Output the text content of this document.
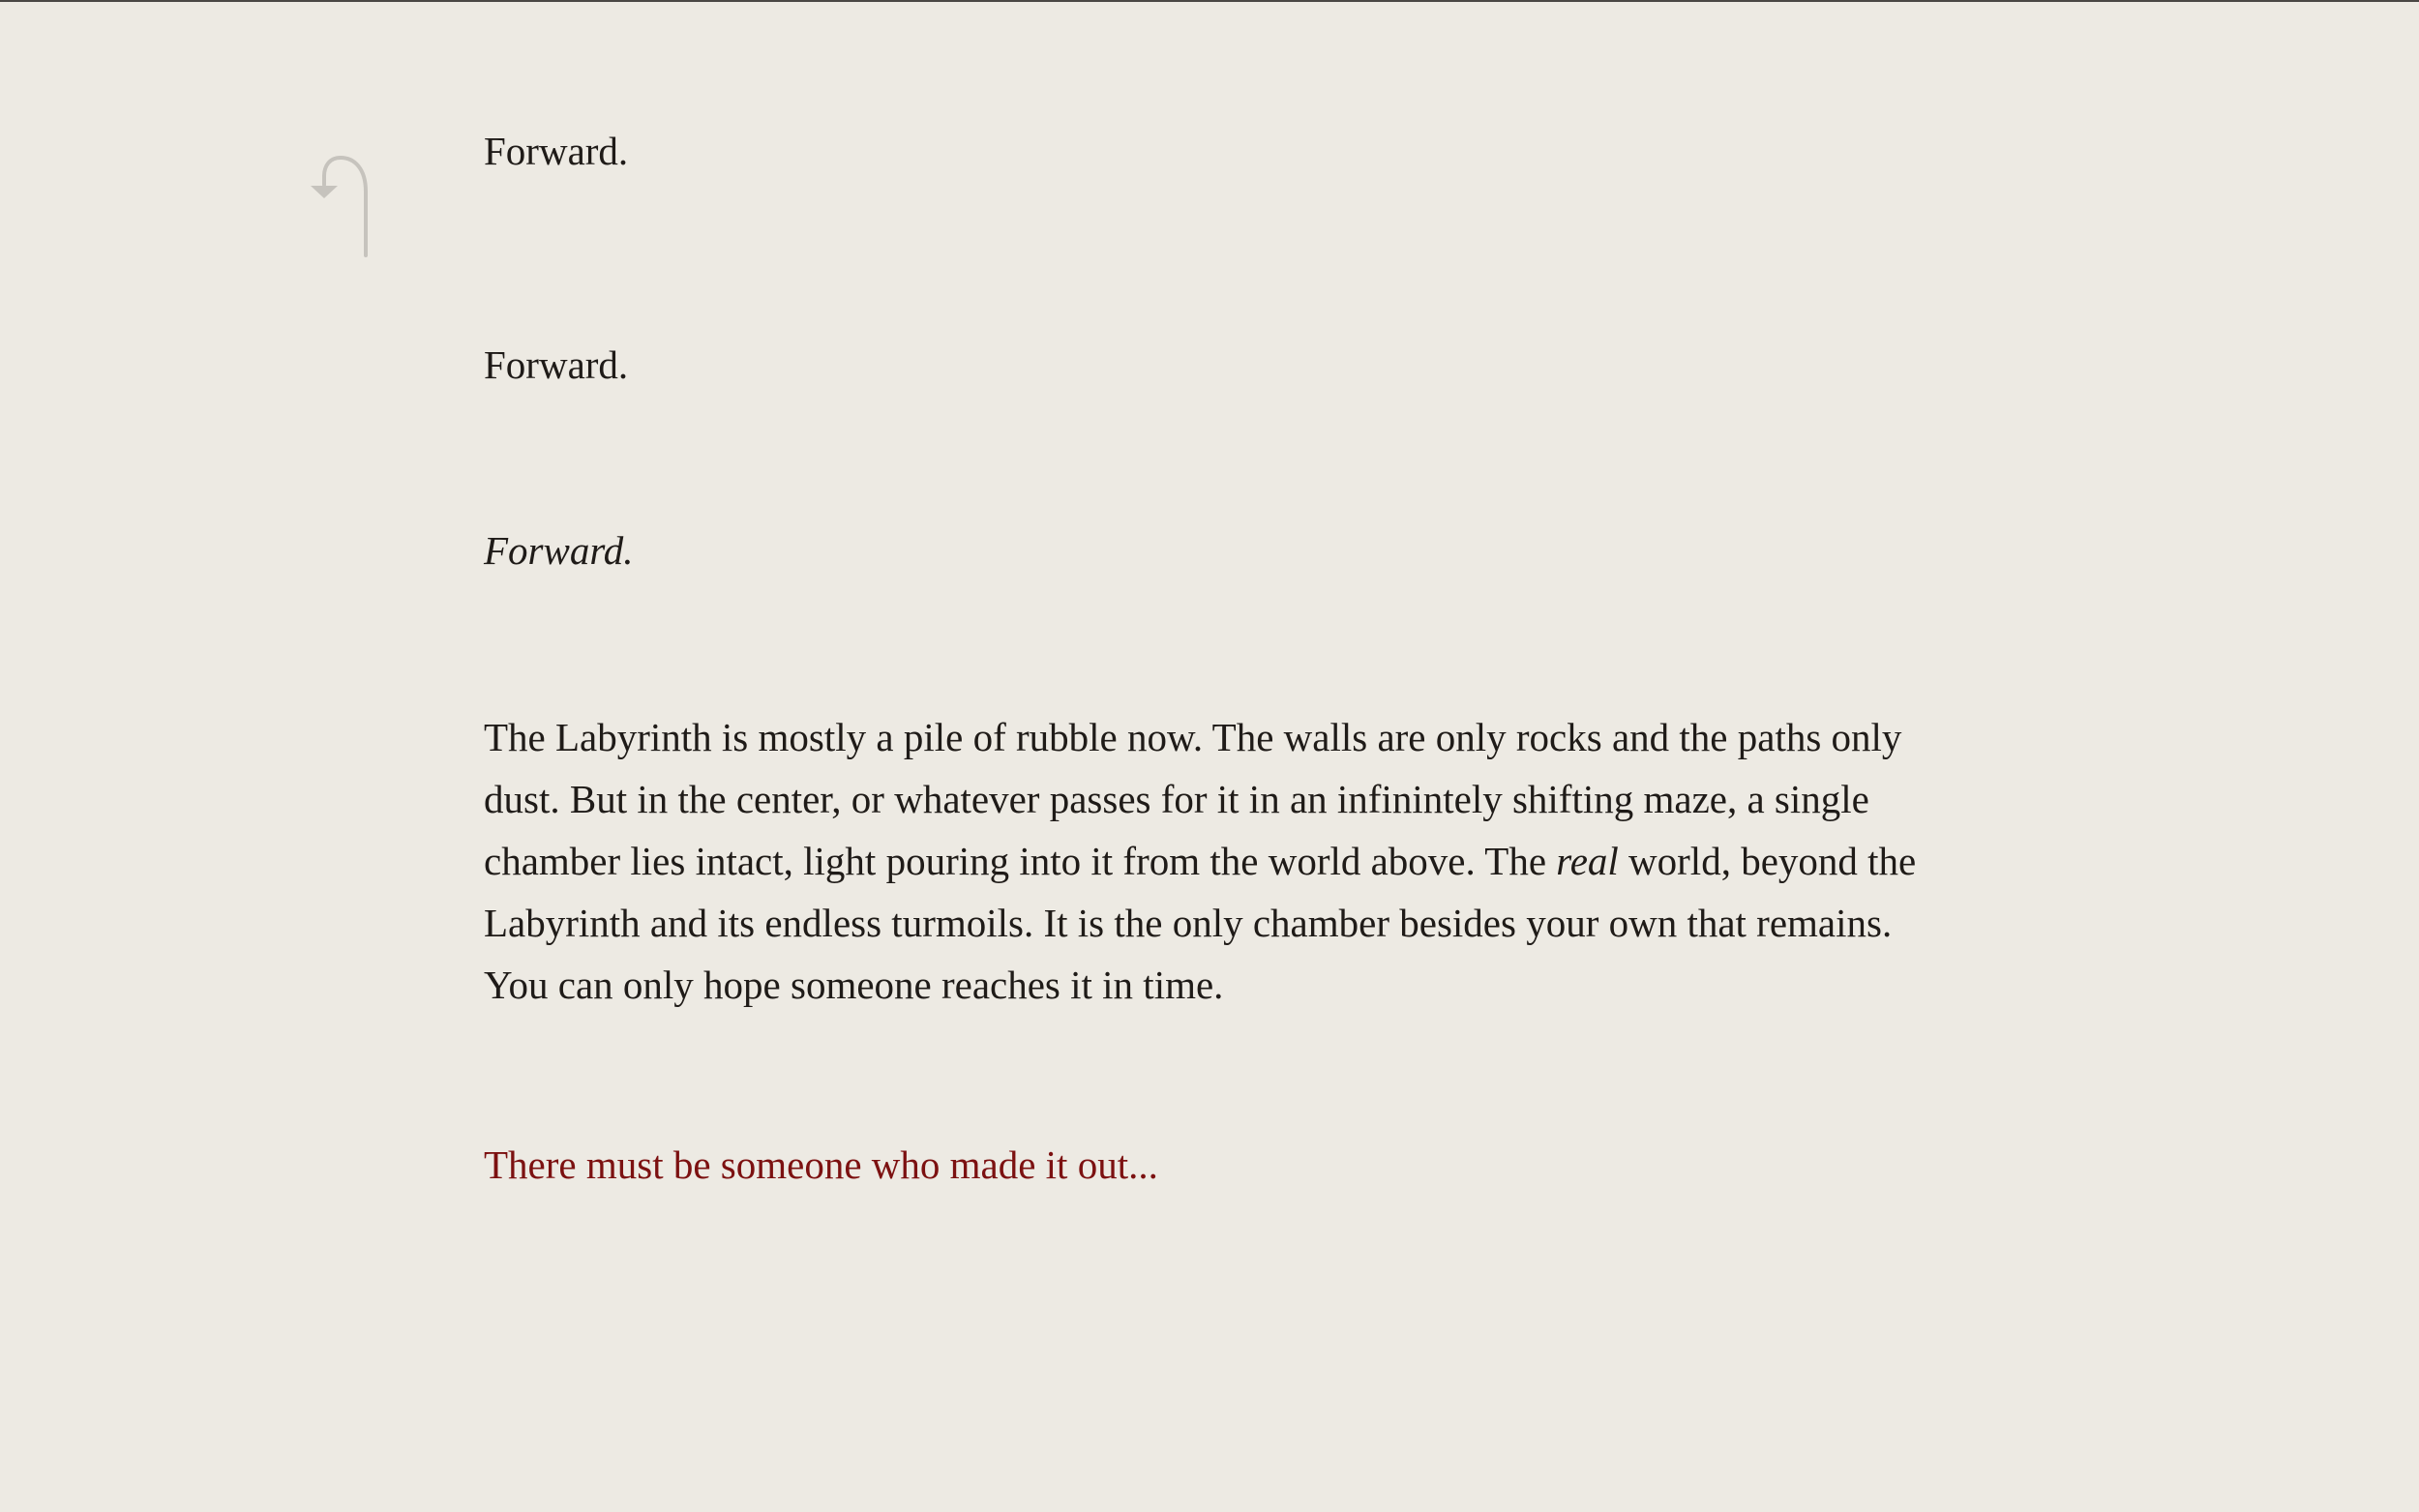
Forward.

Forward.

Forward.

The Labyrinth is mostly a pile of rubble now. The walls are only rocks and the paths only
dust. But in the center, or whatever passes for it in an infinintely shifting maze, a single
chamber lies intact, light pouring into it from the world above. The real world, beyond the
Labyrinth and its endless turmoils. It is the only chamber besides your own that remains.
You can only hope someone reaches it in time.

There must be someone who made it out...
